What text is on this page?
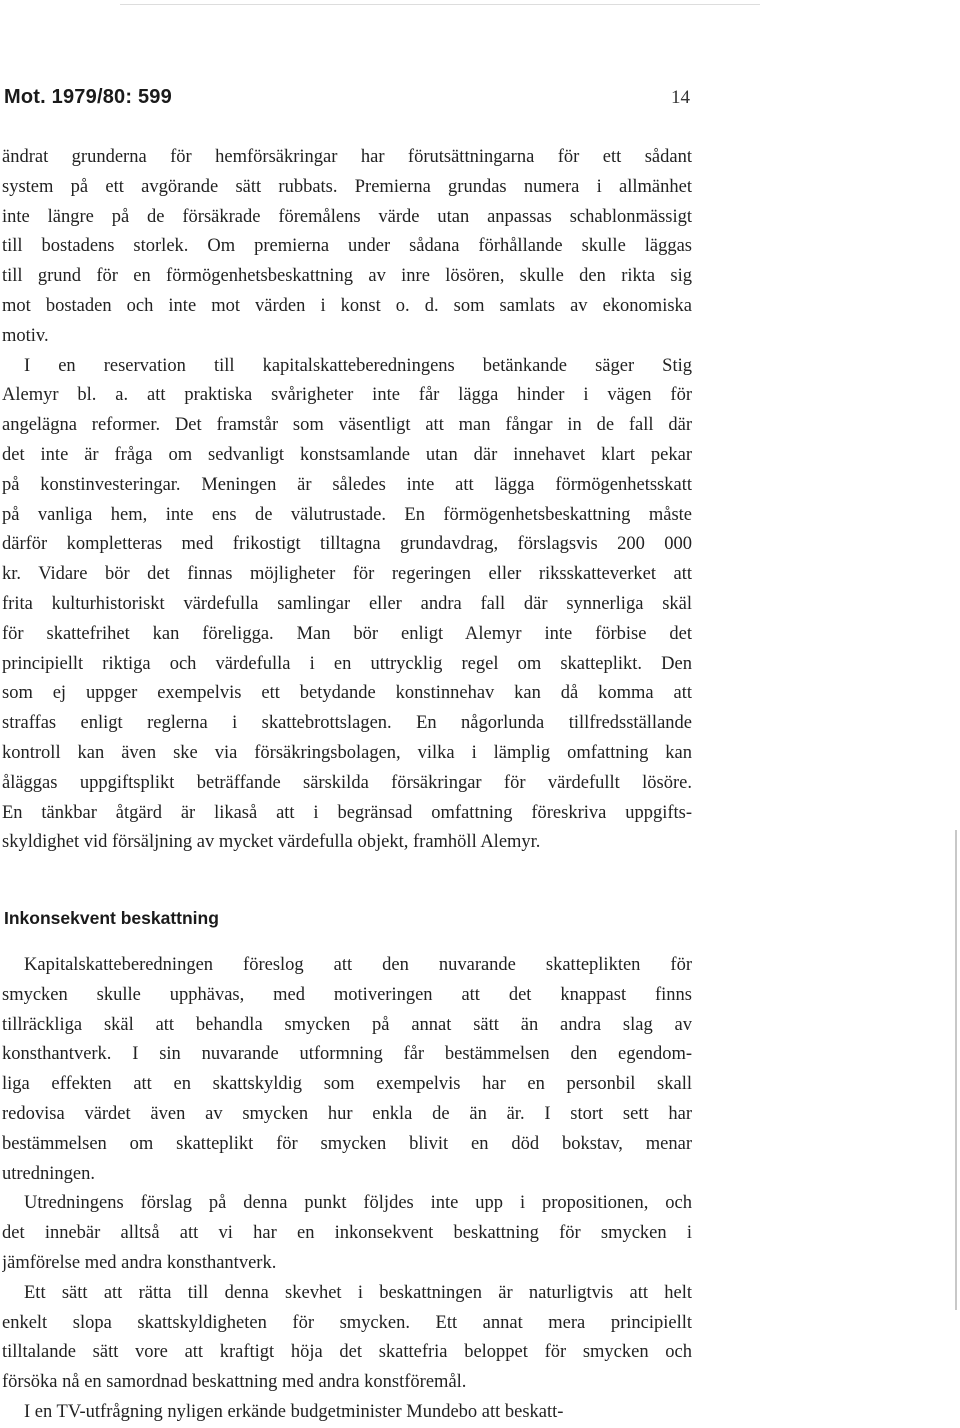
Mot. 1979/80: 599	14
ändrat grunderna för hemförsäkringar har förutsättningarna för ett sådant
system på ett avgörande sätt rubbats. Premierna grundas numera i allmänhet
inte längre på de försäkrade föremålens värde utan anpassas schablonmässigt
till bostadens storlek. Om premierna under sådana förhållande skulle läggas
till grund för en förmögenhetsbeskattning av inre lösören, skulle den rikta sig
mot bostaden och inte mot värden i konst o. d. som samlats av ekonomiska
motiv.
I en reservation till kapitalskatteberedningens betänkande säger Stig
Alemyr bl. a. att praktiska svårigheter inte får lägga hinder i vägen för
angelägna reformer. Det framstår som väsentligt att man fångar in de fall där
det inte är fråga om sedvanligt konstsamlande utan där innehavet klart pekar
på konstinvesteringar. Meningen är således inte att lägga förmögenhetsskatt
på vanliga hem, inte ens de välutrustade. En förmögenhetsbeskattning måste
därför kompletteras med frikostigt tilltagna grundavdrag, förslagsvis 200 000
kr. Vidare bör det finnas möjligheter för regeringen eller riksskatteverket att
frita kulturhistoriskt värdefulla samlingar eller andra fall där synnerliga skäl
för skattefrihet kan föreligga. Man bör enligt Alemyr inte förbise det
principiellt riktiga och värdefulla i en uttrycklig regel om skatteplikt. Den
som ej uppger exempelvis ett betydande konstinnehav kan då komma att
straffas enligt reglerna i skattebrottslagen. En någorlunda tillfredsställande
kontroll kan även ske via försäkringsbolagen, vilka i lämplig omfattning kan
åläggas uppgiftsplikt beträffande särskilda försäkringar för värdefullt lösöre.
En tänkbar åtgärd är likaså att i begränsad omfattning föreskriva uppgifts-
skyldighet vid försäljning av mycket värdefulla objekt, framhöll Alemyr.
Inkonsekvent beskattning
Kapitalskatteberedningen föreslog att den nuvarande skatteplikten för
smycken skulle upphävas, med motiveringen att det knappast finns
tillräckliga skäl att behandla smycken på annat sätt än andra slag av
konsthantverk. I sin nuvarande utformning får bestämmelsen den egendom-
liga effekten att en skattskyldig som exempelvis har en personbil skall
redovisa värdet även av smycken hur enkla de än är. I stort sett har
bestämmelsen om skatteplikt för smycken blivit en död bokstav, menar
utredningen.
Utredningens förslag på denna punkt följdes inte upp i propositionen, och
det innebär alltså att vi har en inkonsekvent beskattning för smycken i
jämförelse med andra konsthantverk.
Ett sätt att rätta till denna skevhet i beskattningen är naturligtvis att helt
enkelt slopa skattskyldigheten för smycken. Ett annat mera principiellt
tilltalande sätt vore att kraftigt höja det skattefria beloppet för smycken och
försöka nå en samordnad beskattning med andra konstföremål.
I en TV-utfrågning nyligen erkände budgetminister Mundebo att beskatt-
